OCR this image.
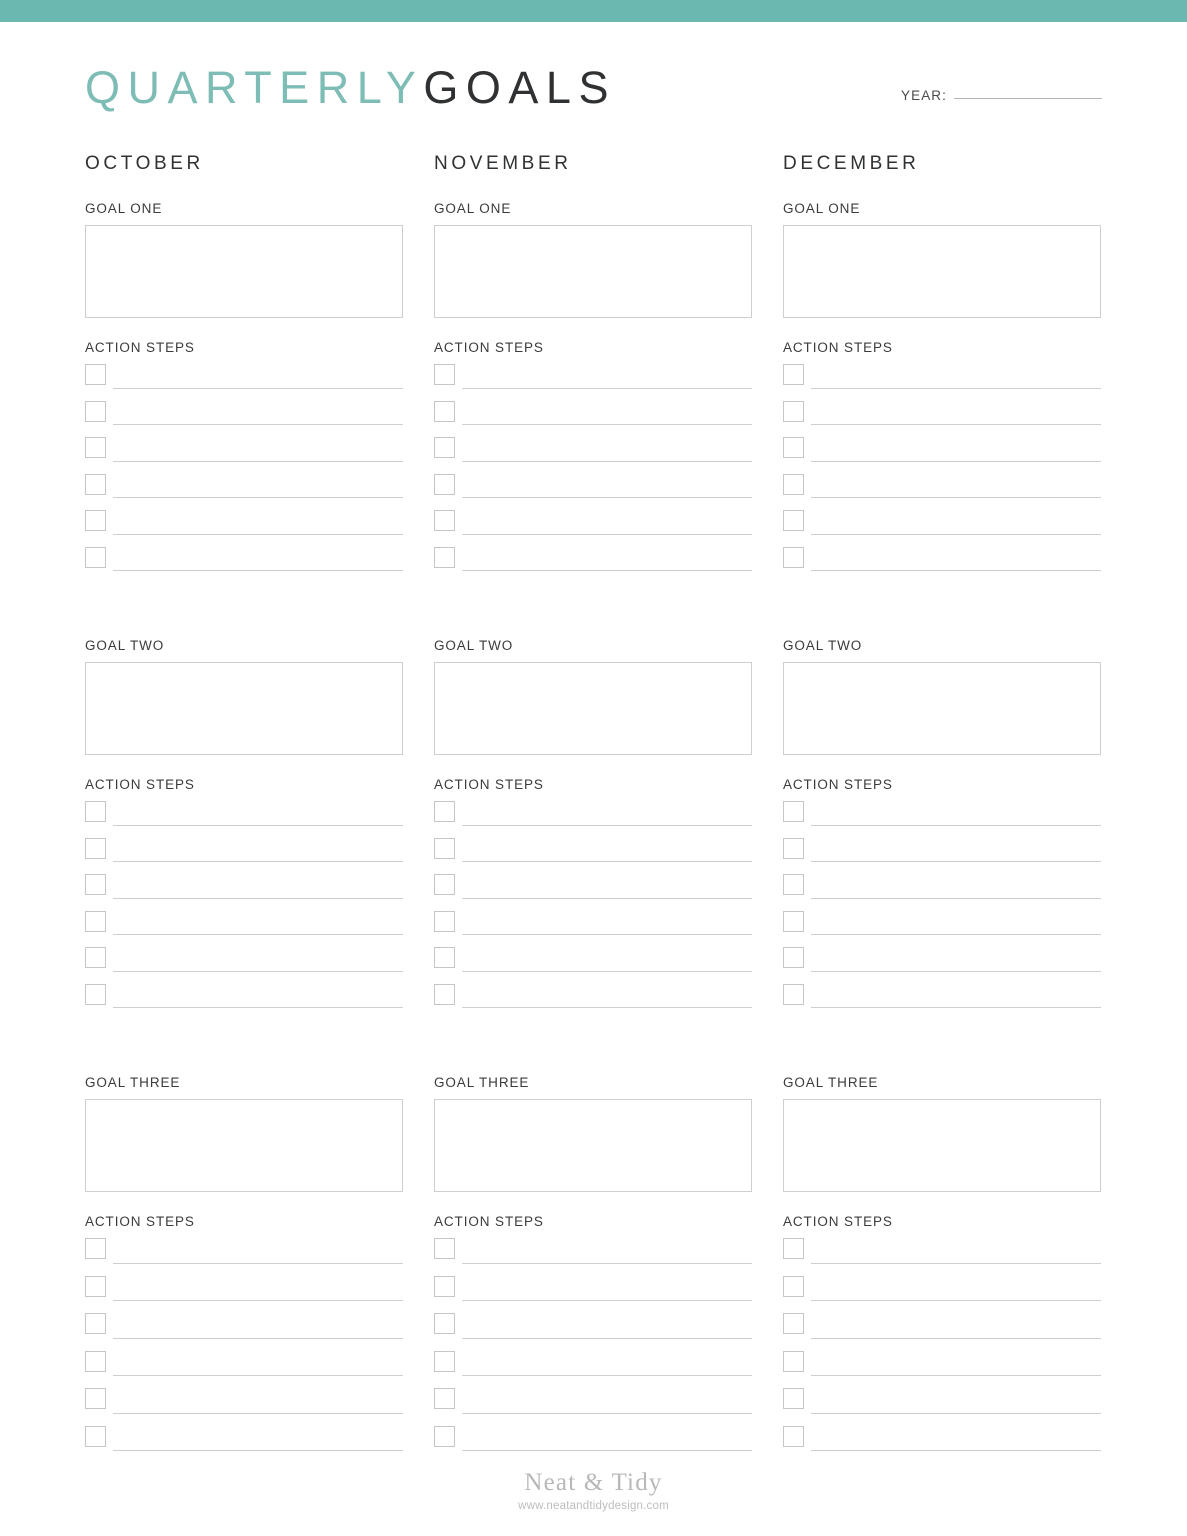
QUARTERLYGOALS	YEAR:
OCTOBER
GOAL ONE
ACTION STEPS
GOAL TWO
ACTION STEPS
GOAL THREE
ACTION STEPS
NOVEMBER
GOAL ONE
ACTION STEPS
GOAL TWO
ACTION STEPS
GOAL THREE
ACTION STEPS
DECEMBER
GOAL ONE
ACTION STEPS
GOAL TWO
ACTION STEPS
GOAL THREE
ACTION STEPS
Neat & Tidy
www.neatandtidydesign.com
